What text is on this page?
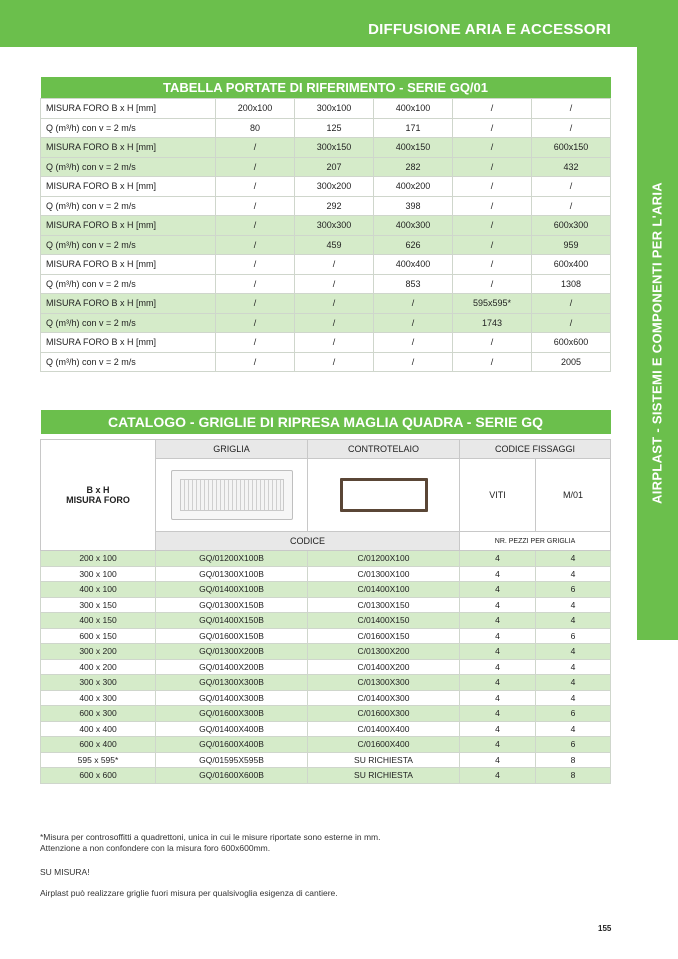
DIFFUSIONE ARIA E ACCESSORI
AIRPLAST - SISTEMI E COMPONENTI PER L'ARIA
TABELLA PORTATE DI RIFERIMENTO - SERIE GQ/01					
MISURA FORO B x H [mm]	200x100	300x100	400x100	/	/
Q (m³/h) con v = 2 m/s	80	125	171	/	/
MISURA FORO B x H [mm]	/	300x150	400x150	/	600x150
Q (m³/h) con v = 2 m/s	/	207	282	/	432
MISURA FORO B x H [mm]	/	300x200	400x200	/	/
Q (m³/h) con v = 2 m/s	/	292	398	/	/
MISURA FORO B x H [mm]	/	300x300	400x300	/	600x300
Q (m³/h) con v = 2 m/s	/	459	626	/	959
MISURA FORO B x H [mm]	/	/	400x400	/	600x400
Q (m³/h) con v = 2 m/s	/	/	853	/	1308
MISURA FORO B x H [mm]	/	/	/	595x595*	/
Q (m³/h) con v = 2 m/s	/	/	/	1743	/
MISURA FORO B x H [mm]	/	/	/	/	600x600
Q (m³/h) con v = 2 m/s	/	/	/	/	2005
CATALOGO - GRIGLIE DI RIPRESA MAGLIA QUADRA - SERIE GQ				

B x H
MISURA FORO	GRIGLIA	CONTROTELAIO	CODICE FISSAGGI	

		VITI	M/01
	CODICE		NR. PEZZI PER GRIGLIA	
200 x 100	GQ/01200X100B	C/01200X100	4	4
300 x 100	GQ/01300X100B	C/01300X100	4	4
400 x 100	GQ/01400X100B	C/01400X100	4	6
300 x 150	GQ/01300X150B	C/01300X150	4	4
400 x 150	GQ/01400X150B	C/01400X150	4	4
600 x 150	GQ/01600X150B	C/01600X150	4	6
300 x 200	GQ/01300X200B	C/01300X200	4	4
400 x 200	GQ/01400X200B	C/01400X200	4	4
300 x 300	GQ/01300X300B	C/01300X300	4	4
400 x 300	GQ/01400X300B	C/01400X300	4	4
600 x 300	GQ/01600X300B	C/01600X300	4	6
400 x 400	GQ/01400X400B	C/01400X400	4	4
600 x 400	GQ/01600X400B	C/01600X400	4	6
595 x 595*	GQ/01595X595B	SU RICHIESTA	4	8
600 x 600	GQ/01600X600B	SU RICHIESTA	4	8
*Misura per controsoffitti a quadrettoni, unica in cui le misure riportate sono esterne in mm.
Attenzione a non confondere con la misura foro 600x600mm.
SU MISURA!
Airplast può realizzare griglie fuori misura per qualsivoglia esigenza di cantiere.
155
